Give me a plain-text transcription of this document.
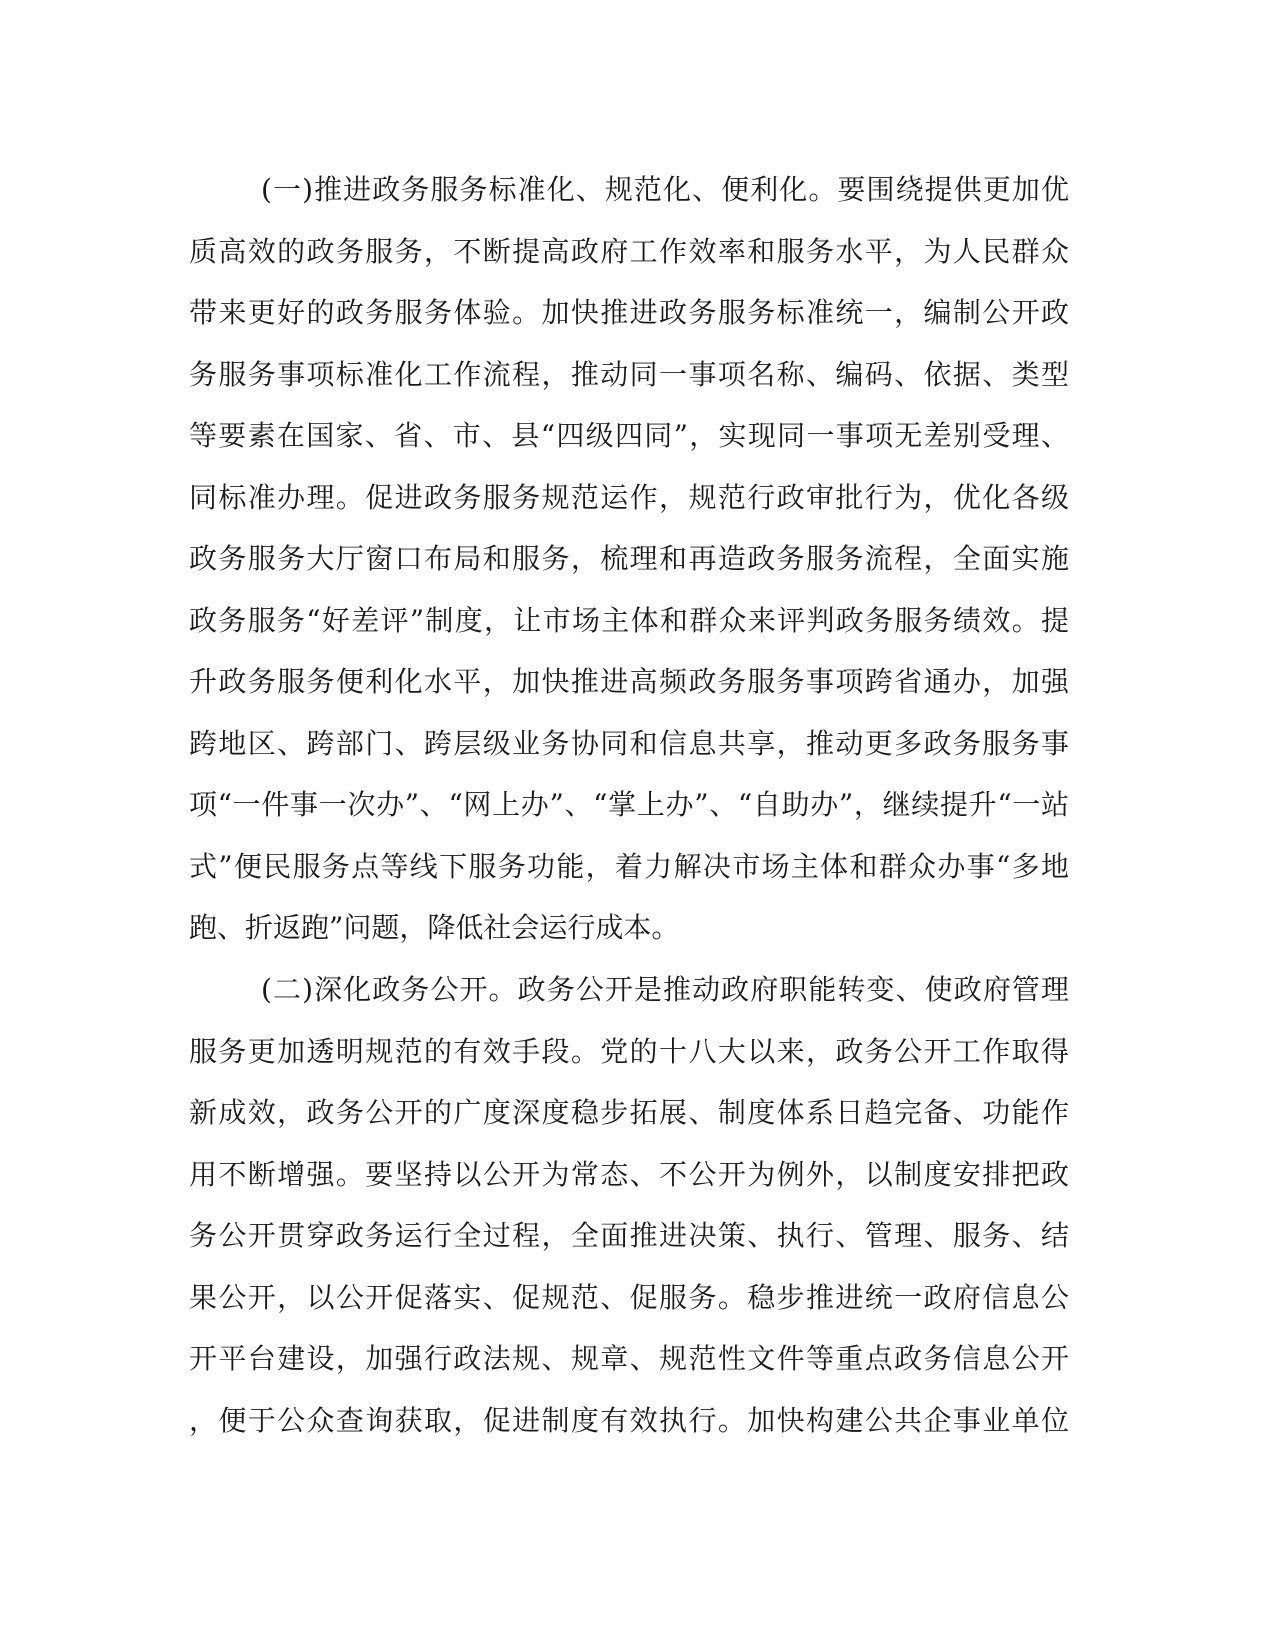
(一)推进政务服务标准化、规范化、便利化。要围绕提供更加优
质高效的政务服务，不断提高政府工作效率和服务水平，为人民群众
带来更好的政务服务体验。加快推进政务服务标准统一，编制公开政
务服务事项标准化工作流程，推动同一事项名称、编码、依据、类型
等要素在国家、省、市、县“四级四同”，实现同一事项无差别受理、
同标准办理。促进政务服务规范运作，规范行政审批行为，优化各级
政务服务大厅窗口布局和服务，梳理和再造政务服务流程，全面实施
政务服务“好差评”制度，让市场主体和群众来评判政务服务绩效。提
升政务服务便利化水平，加快推进高频政务服务事项跨省通办，加强
跨地区、跨部门、跨层级业务协同和信息共享，推动更多政务服务事
项“一件事一次办”、“网上办”、“掌上办”、“自助办”，继续提升“一站
式”便民服务点等线下服务功能，着力解决市场主体和群众办事“多地
跑、折返跑”问题，降低社会运行成本。
(二)深化政务公开。政务公开是推动政府职能转变、使政府管理
服务更加透明规范的有效手段。党的十八大以来，政务公开工作取得
新成效，政务公开的广度深度稳步拓展、制度体系日趋完备、功能作
用不断增强。要坚持以公开为常态、不公开为例外，以制度安排把政
务公开贯穿政务运行全过程，全面推进决策、执行、管理、服务、结
果公开，以公开促落实、促规范、促服务。稳步推进统一政府信息公
开平台建设，加强行政法规、规章、规范性文件等重点政务信息公开
，便于公众查询获取，促进制度有效执行。加快构建公共企事业单位
